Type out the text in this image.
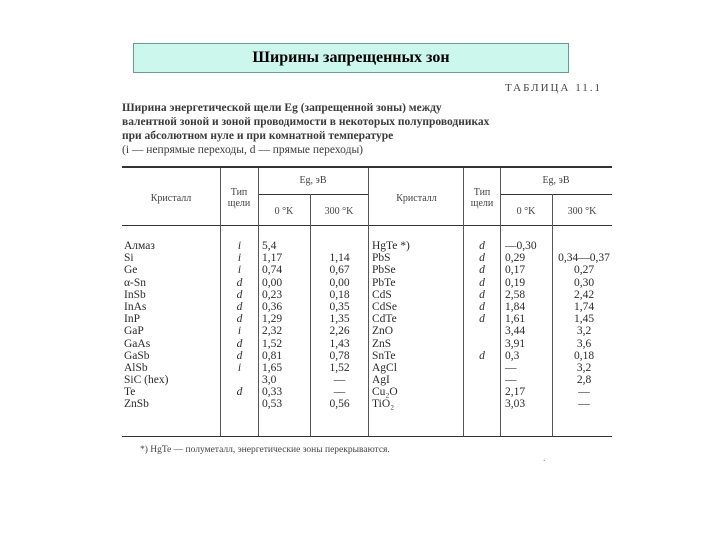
Ширины запрещенных зон
ТАБЛИЦА 11.1
Ширина энергетической щели Eg (запрещенной зоны) между
валентной зоной и зоной проводимости в некоторых полупроводниках
при абсолютном нуле и при комнатной температуре
(i — непрямые переходы, d — прямые переходы)
Кристалл
Тип щели
Eg, эВ
0 °K	300 °K
Кристалл
Тип щели
Eg, эВ
0 °K	300 °K
Алмаз
Si
Ge
α-Sn
InSb
InAs
InP
GaP
GaAs
GaSb
AlSb
SiC (hex)
Te
ZnSb
i
i
i
d
d
d
d
i
d
d
i
d
5,4
1,17
0,74
0,00
0,23
0,36
1,29
2,32
1,52
0,81
1,65
3,0
0,33
0,53
1,14
0,67
0,00
0,18
0,35
1,35
2,26
1,43
0,78
1,52
—
—
0,56
HgTe *)
PbS
PbSe
PbTe
CdS
CdSe
CdTe
ZnO
ZnS
SnTe
AgCl
AgI
Cu₂O
TiO₂
d
d
d
d
d
d
d
d
—0,30
0,29
0,17
0,19
2,58
1,84
1,61
3,44
3,91
0,3
—
—
2,17
3,03
0,34—0,37
0,27
0,30
2,42
1,74
1,45
3,2
3,6
0,18
3,2
2,8
—
—
*) HgTe — полуметалл, энергетические зоны перекрываются.
.
